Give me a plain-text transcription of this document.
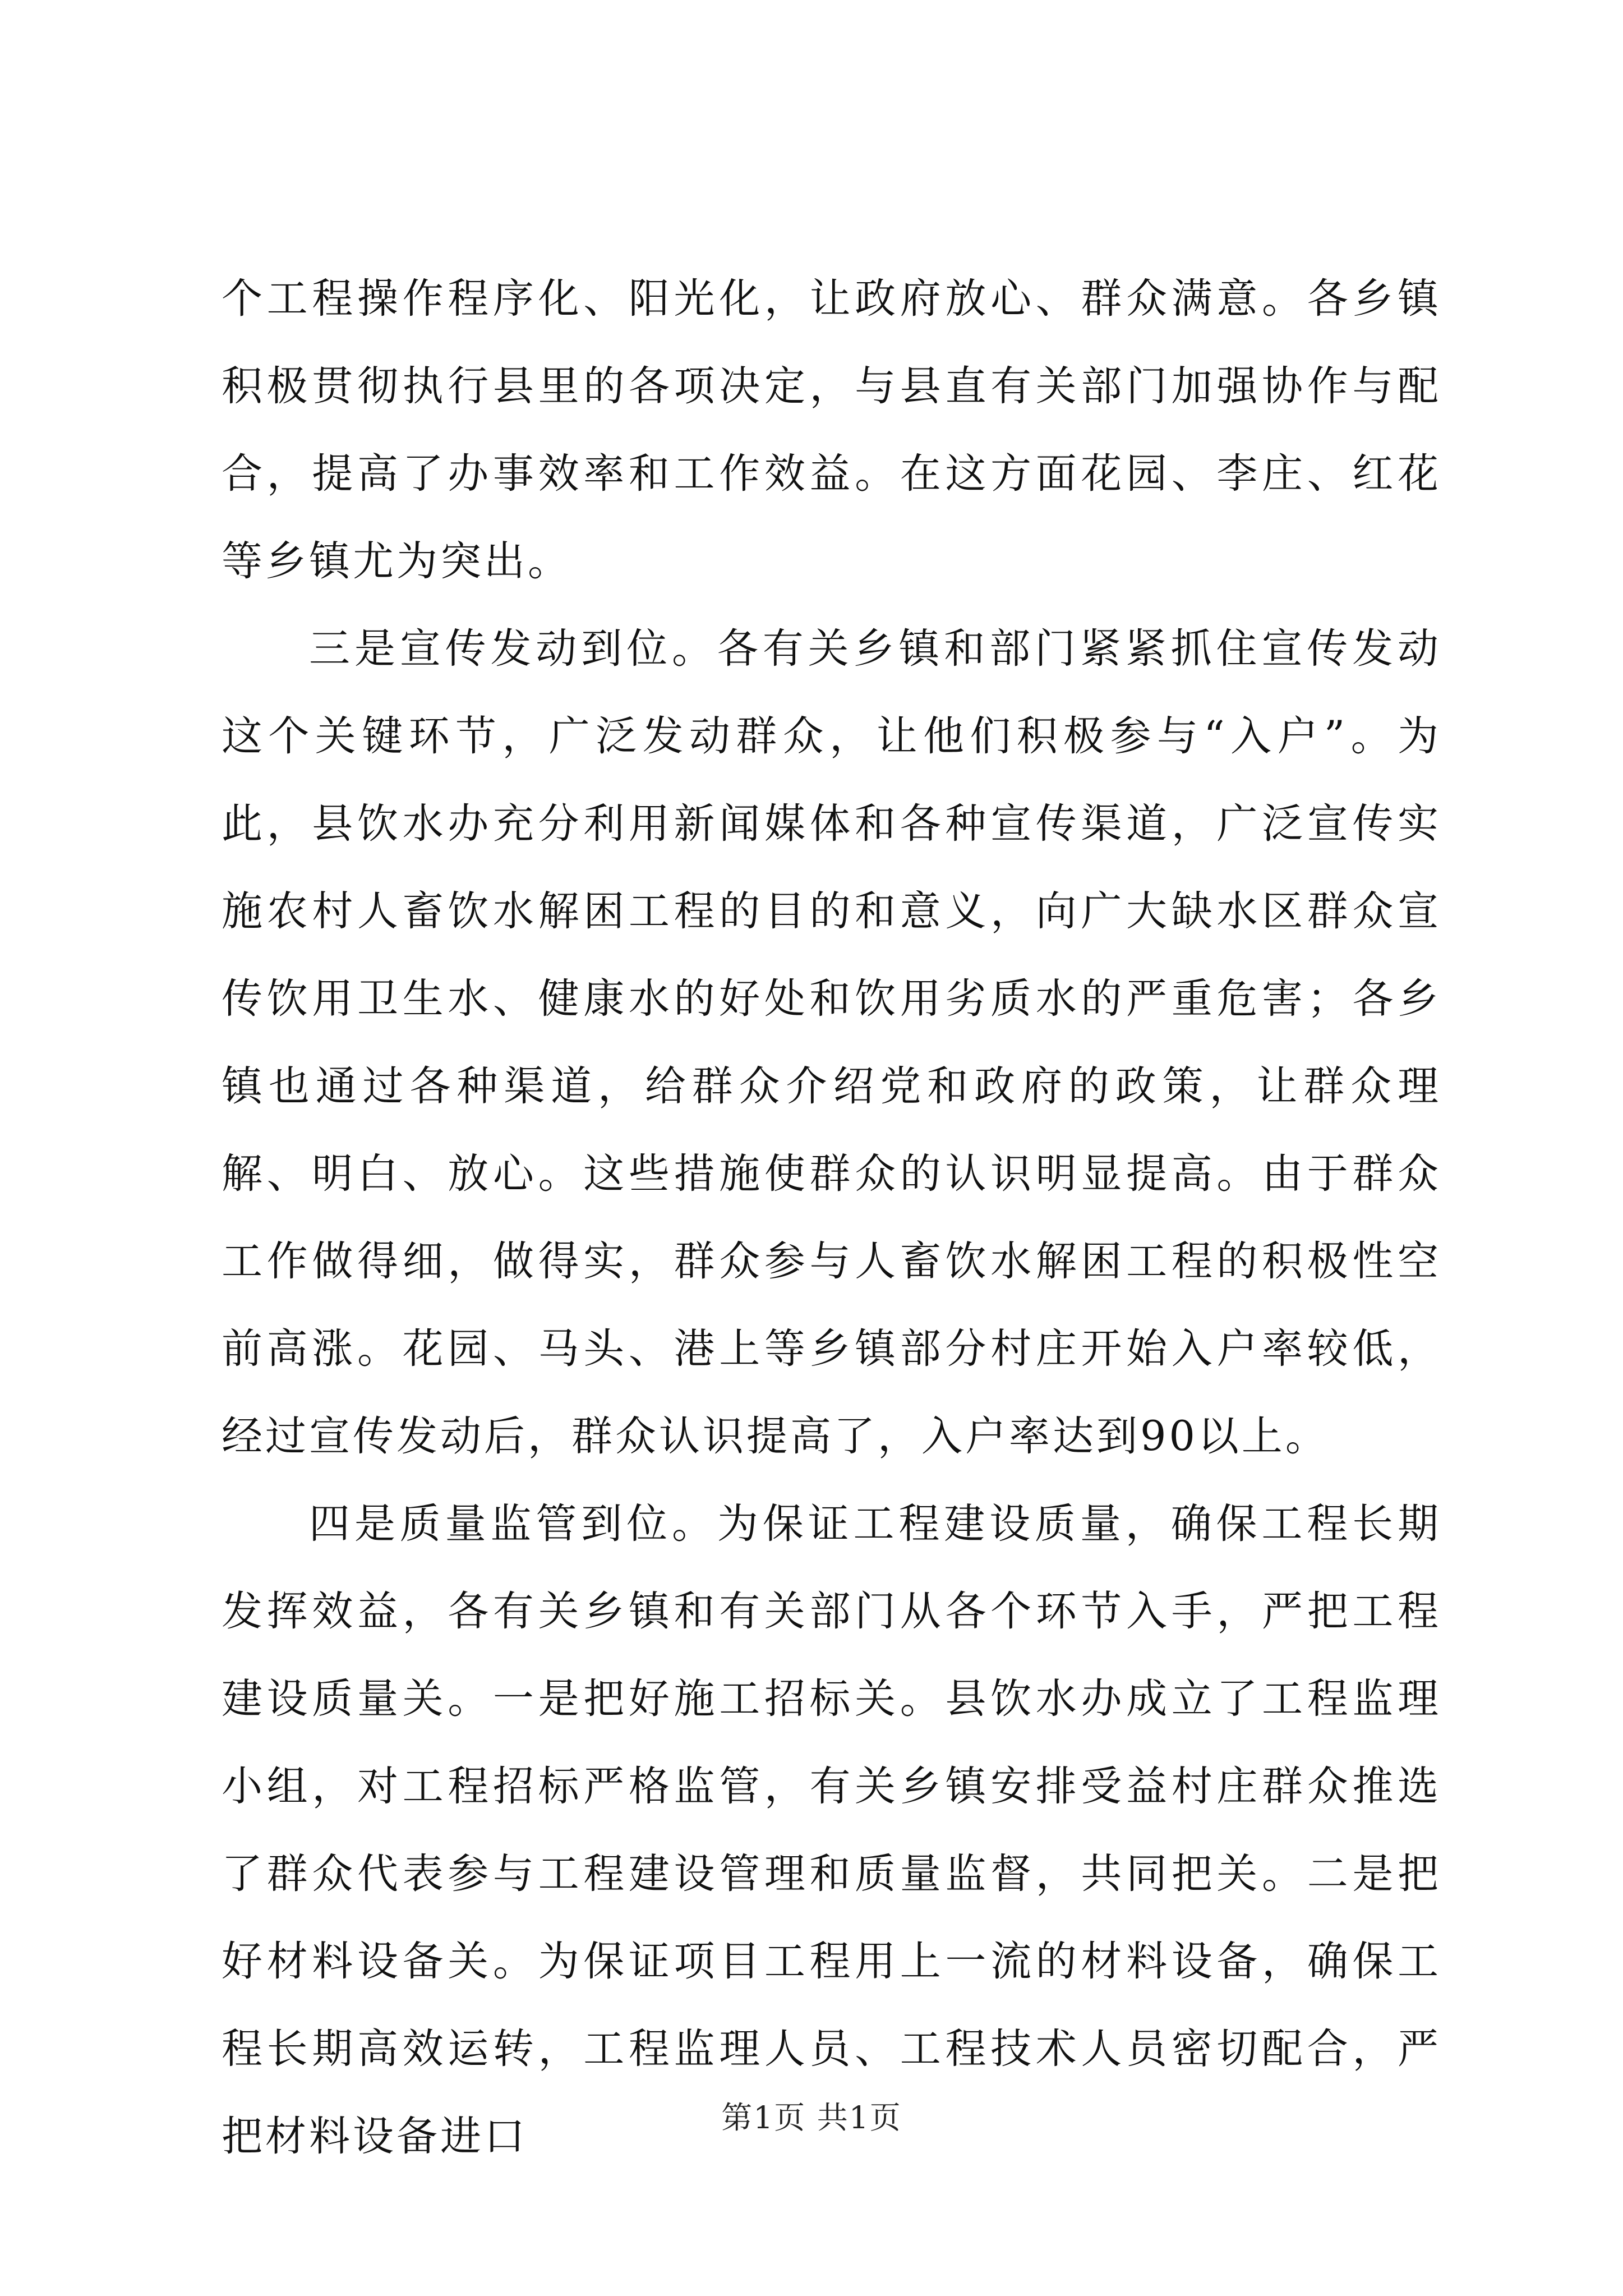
个工程操作程序化、阳光化，让政府放心、群众满意。各乡镇积极贯彻执行县里的各项决定，与县直有关部门加强协作与配合，提高了办事效率和工作效益。在这方面花园、李庄、红花等乡镇尤为突出。

三是宣传发动到位。各有关乡镇和部门紧紧抓住宣传发动这个关键环节，广泛发动群众，让他们积极参与“入户”。为此，县饮水办充分利用新闻媒体和各种宣传渠道，广泛宣传实施农村人畜饮水解困工程的目的和意义，向广大缺水区群众宣传饮用卫生水、健康水的好处和饮用劣质水的严重危害；各乡镇也通过各种渠道，给群众介绍党和政府的政策，让群众理解、明白、放心。这些措施使群众的认识明显提高。由于群众工作做得细，做得实，群众参与人畜饮水解困工程的积极性空前高涨。花园、马头、港上等乡镇部分村庄开始入户率较低，经过宣传发动后，群众认识提高了，入户率达到90以上。

四是质量监管到位。为保证工程建设质量，确保工程长期发挥效益，各有关乡镇和有关部门从各个环节入手，严把工程建设质量关。一是把好施工招标关。县饮水办成立了工程监理小组，对工程招标严格监管，有关乡镇安排受益村庄群众推选了群众代表参与工程建设管理和质量监督，共同把关。二是把好材料设备关。为保证项目工程用上一流的材料设备，确保工程长期高效运转，工程监理人员、工程技术人员密切配合，严把材料设备进口	第1页 共1页
